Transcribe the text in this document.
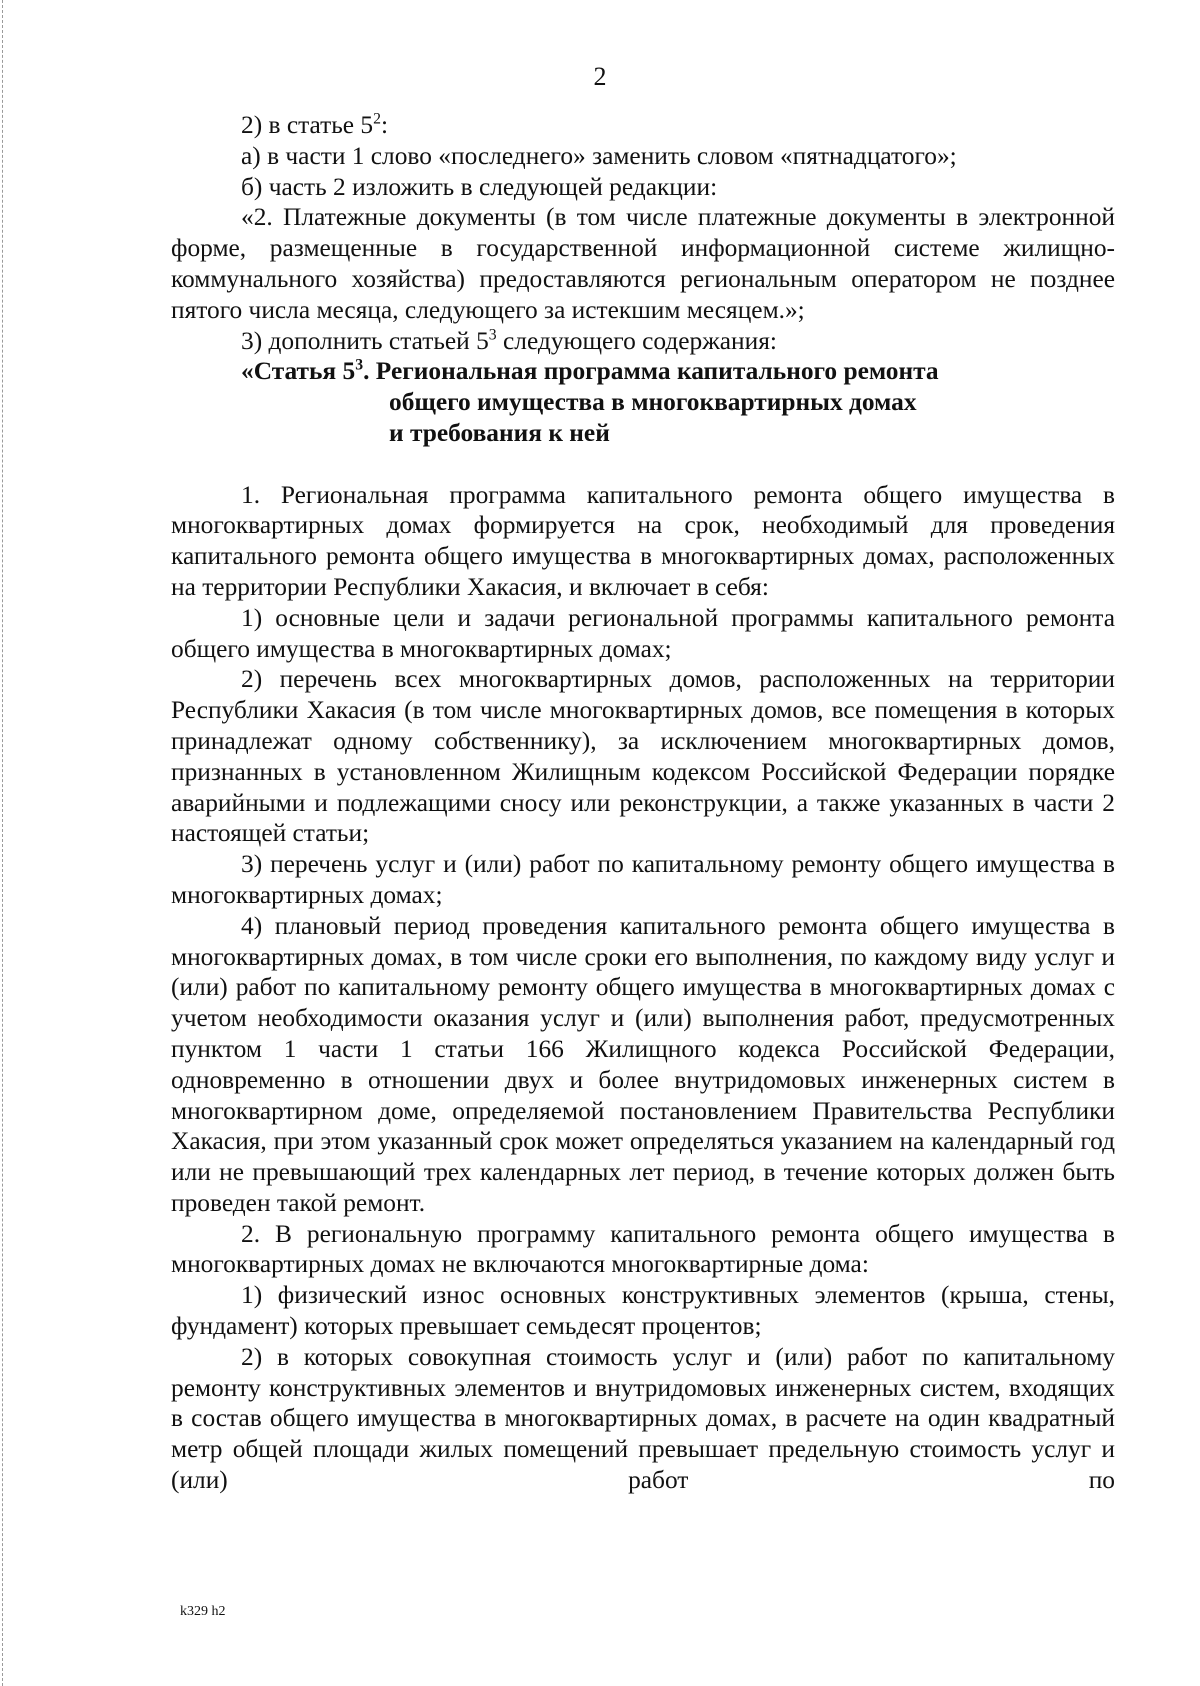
2

2) в статье $5^2$:

а) в части 1 слово «последнего» заменить словом «пятнадцатого»;

б) часть 2 изложить в следующей редакции:

«2. Платежные документы (в том числе платежные документы в электронной форме, размещенные в государственной информационной системе жилищно-коммунального хозяйства) предоставляются региональным оператором не позднее пятого числа месяца, следующего за истекшим месяцем.»;

3) дополнить статьей $5^3$ следующего содержания:

«Статья $5^3$. Региональная программа капитального ремонта
общего имущества в многоквартирных домах
и требования к ней

1. Региональная программа капитального ремонта общего имущества в многоквартирных домах формируется на срок, необходимый для проведения капитального ремонта общего имущества в многоквартирных домах, расположенных на территории Республики Хакасия, и включает в себя:

1) основные цели и задачи региональной программы капитального ремонта общего имущества в многоквартирных домах;

2) перечень всех многоквартирных домов, расположенных на территории Республики Хакасия (в том числе многоквартирных домов, все помещения в которых принадлежат одному собственнику), за исключением многоквартирных домов, признанных в установленном Жилищным кодексом Российской Федерации порядке аварийными и подлежащими сносу или реконструкции, а также указанных в части 2 настоящей статьи;

3) перечень услуг и (или) работ по капитальному ремонту общего имущества в многоквартирных домах;

4) плановый период проведения капитального ремонта общего имущества в многоквартирных домах, в том числе сроки его выполнения, по каждому виду услуг и (или) работ по капитальному ремонту общего имущества в многоквартирных домах с учетом необходимости оказания услуг и (или) выполнения работ, предусмотренных пунктом 1 части 1 статьи 166 Жилищного кодекса Российской Федерации, одновременно в отношении двух и более внутридомовых инженерных систем в многоквартирном доме, определяемой постановлением Правительства Республики Хакасия, при этом указанный срок может определяться указанием на календарный год или не превышающий трех календарных лет период, в течение которых должен быть проведен такой ремонт.

2. В региональную программу капитального ремонта общего имущества в многоквартирных домах не включаются многоквартирные дома:

1) физический износ основных конструктивных элементов (крыша, стены, фундамент) которых превышает семьдесят процентов;

2) в которых совокупная стоимость услуг и (или) работ по капитальному ремонту конструктивных элементов и внутридомовых инженерных систем, входящих в состав общего имущества в многоквартирных домах, в расчете на один квадратный метр общей площади жилых помещений превышает предельную стоимость услуг и (или) работ по

k329 h2
